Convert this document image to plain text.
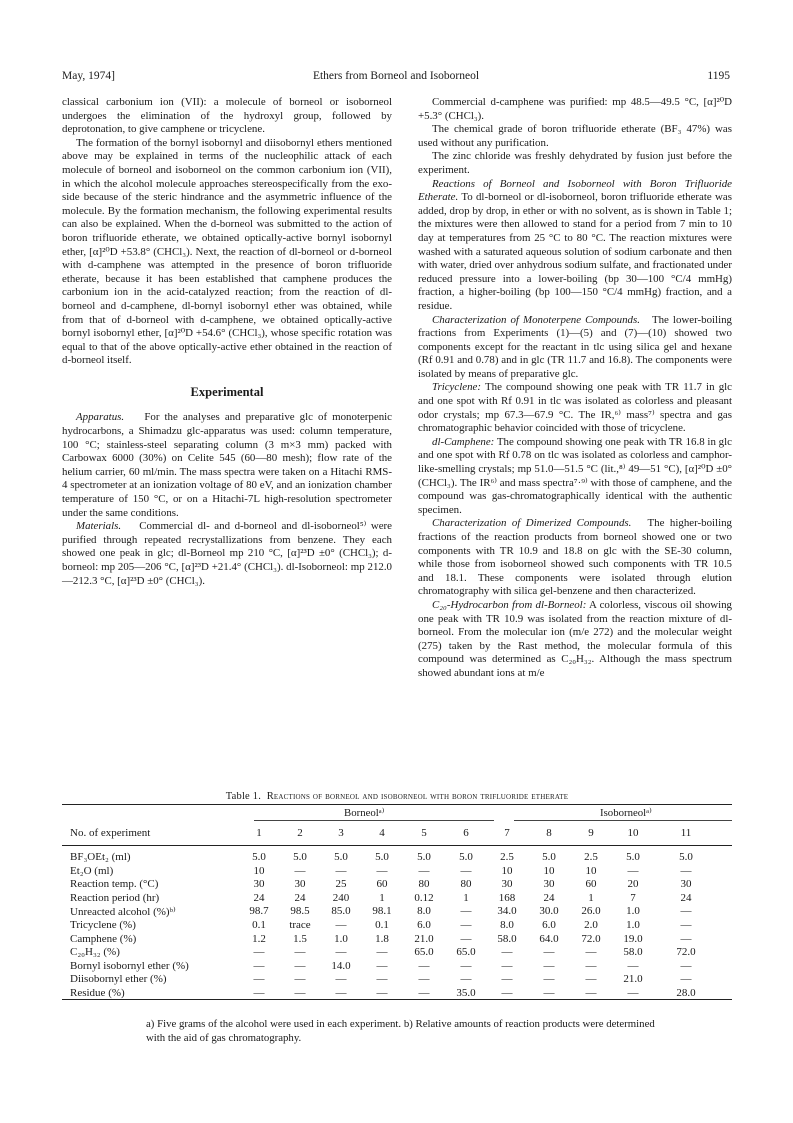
May, 1974]	Ethers from Borneol and Isoborneol	1195

classical carbonium ion (VII): a molecule of borneol or isoborneol undergoes the elimination of the hydroxyl group, followed by deprotonation, to give camphene or tricyclene.

The formation of the bornyl isobornyl and diisobornyl ethers mentioned above may be explained in terms of the nucleophilic attack of each molecule of borneol and isoborneol on the common carbonium ion (VII), in which the alcohol molecule approaches stereospecifically from the exo-side because of the steric hindrance and the asymmetric influence of the molecule. By the formation mechanism, the following experimental results can also be explained. When the d-borneol was submitted to the action of boron trifluoride etherate, we obtained optically-active bornyl isobornyl ether, [α]²⁰D +53.8° (CHCl₃). Next, the reaction of dl-borneol or d-borneol with d-camphene was attempted in the presence of boron trifluoride etherate, because it has been established that camphene produces the carbonium ion in the acid-catalyzed reaction; from the reaction of dl-borneol and d-camphene, dl-bornyl isobornyl ether was obtained, while from that of d-borneol with d-camphene, we obtained optically-active bornyl isobornyl ether, [α]²⁰D +54.6° (CHCl₃), whose specific rotation was equal to that of the above optically-active ether obtained in the reaction of d-borneol itself.

Experimental

Apparatus. For the analyses and preparative glc of monoterpenic hydrocarbons, a Shimadzu glc-apparatus was used: column temperature, 100 °C; stainless-steel separating column (3 m×3 mm) packed with Carbowax 6000 (30%) on Celite 545 (60—80 mesh); flow rate of the helium carrier, 60 ml/min. The mass spectra were taken on a Hitachi RMS-4 spectrometer at an ionization voltage of 80 eV, and an ionization chamber temperature of 150 °C, or on a Hitachi-7L high-resolution spectrometer under the same conditions.

Materials. Commercial dl- and d-borneol and dl-isoborneol⁵⁾ were purified through repeated recrystallizations from benzene. They each showed one peak in glc; dl-Borneol mp 210 °C, [α]²³D ±0° (CHCl₃); d-borneol: mp 205—206 °C, [α]²³D +21.4° (CHCl₃). dl-Isoborneol: mp 212.0—212.3 °C, [α]²³D ±0° (CHCl₃).

Commercial d-camphene was purified: mp 48.5—49.5 °C, [α]²⁰D +5.3° (CHCl₃).

The chemical grade of boron trifluoride etherate (BF₃ 47%) was used without any purification.

The zinc chloride was freshly dehydrated by fusion just before the experiment.

Reactions of Borneol and Isoborneol with Boron Trifluoride Etherate. To dl-borneol or dl-isoborneol, boron trifluoride etherate was added, drop by drop, in ether or with no solvent, as is shown in Table 1; the mixtures were then allowed to stand for a period from 7 min to 10 day at temperatures from 25 °C to 80 °C. The reaction mixtures were washed with a saturated aqueous solution of sodium carbonate and then with water, dried over anhydrous sodium sulfate, and fractionated under reduced pressure into a lower-boiling (bp 30—100 °C/4 mmHg) fraction, a higher-boiling (bp 100—150 °C/4 mmHg) fraction, and a residue.

Characterization of Monoterpene Compounds. The lower-boiling fractions from Experiments (1)—(5) and (7)—(10) showed two components except for the reactant in tlc using silica gel and hexane (Rf 0.91 and 0.78) and in glc (TR 11.7 and 16.8). The components were isolated by means of preparative glc.

Tricyclene: The compound showing one peak with TR 11.7 in glc and one spot with Rf 0.91 in tlc was isolated as colorless and pleasant odor crystals; mp 67.3—67.9 °C. The IR,⁶⁾ mass⁷⁾ spectra and gas chromatographic behavior coincided with those of tricyclene.

dl-Camphene: The compound showing one peak with TR 16.8 in glc and one spot with Rf 0.78 on tlc was isolated as colorless and camphor-like-smelling crystals; mp 51.0—51.5 °C (lit.,⁸⁾ 49—51 °C), [α]²⁰D ±0° (CHCl₃). The IR⁶⁾ and mass spectra⁷·⁹⁾ with those of camphene, and the compound was gas-chromatographically identical with the authentic specimen.

Characterization of Dimerized Compounds. The higher-boiling fractions of the reaction products from borneol showed one or two components with TR 10.9 and 18.8 on glc with the SE-30 column, while those from isoborneol showed such components with TR 10.5 and 18.1. These components were isolated through elution chromatography with silica gel-benzene and then characterized.

C₂₀-Hydrocarbon from dl-Borneol: A colorless, viscous oil showing one peak with TR 10.9 was isolated from the reaction mixture of dl-borneol. From the molecular ion (m/e 272) and the molecular weight (275) taken by the Rast method, the molecular formula of this compound was determined as C₂₀H₃₂. Although the mass spectrum showed abundant ions at m/e

Table 1. Reactions of borneol and isoborneol with boron trifluoride etherate
Borneolᵃ⁾	Isoborneolᵃ⁾
No. of experiment	1	2	3	4	5	6	7	8	9	10	11
BF₃OEt₂ (ml)	5.0	5.0	5.0	5.0	5.0	5.0	2.5	5.0	2.5	5.0	5.0
Et₂O (ml)	10	—	—	—	—	—	10	10	10	—	—
Reaction temp. (°C)	30	30	25	60	80	80	30	30	60	20	30
Reaction period (hr)	24	24	240	1	0.12	1	168	24	1	7	24
Unreacted alcohol (%)ᵇ⁾	98.7	98.5	85.0	98.1	8.0	—	34.0	30.0	26.0	1.0	—
Tricyclene (%)	0.1	trace	—	0.1	6.0	—	8.0	6.0	2.0	1.0	—
Camphene (%)	1.2	1.5	1.0	1.8	21.0	—	58.0	64.0	72.0	19.0	—
C₂₀H₃₂ (%)	—	—	—	—	65.0	65.0	—	—	—	58.0	72.0
Bornyl isobornyl ether (%)	—	—	14.0	—	—	—	—	—	—	—	—
Diisobornyl ether (%)	—	—	—	—	—	—	—	—	—	21.0	—
Residue (%)	—	—	—	—	—	35.0	—	—	—	—	28.0
a) Five grams of the alcohol were used in each experiment. b) Relative amounts of reaction products were determined with the aid of gas chromatography.
